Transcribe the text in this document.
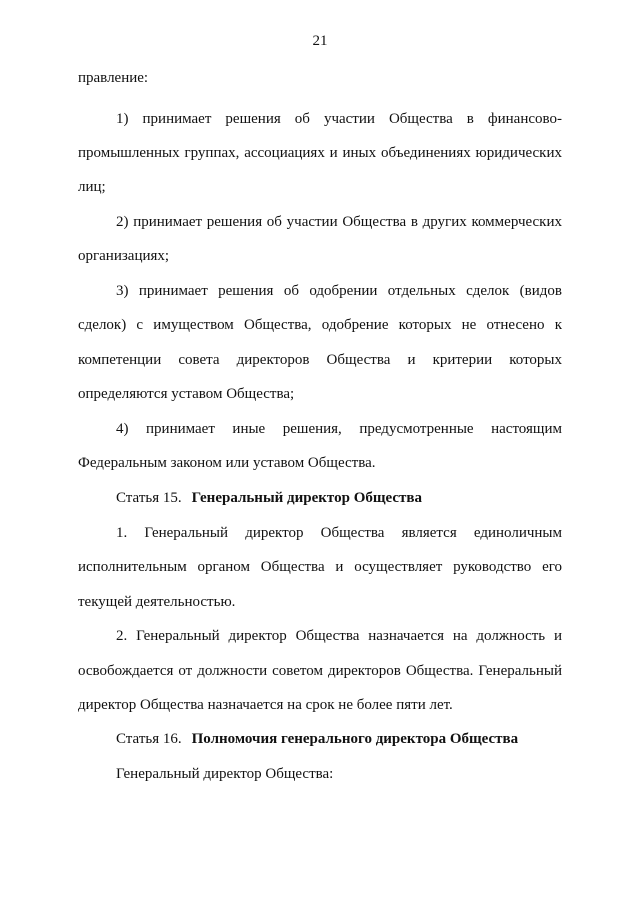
21
правление:
1) принимает решения об участии Общества в финансово-
промышленных группах, ассоциациях и иных объединениях юридических
лиц;
2) принимает решения об участии Общества в других коммерческих
организациях;
3) принимает решения об одобрении отдельных сделок (видов
сделок) с имуществом Общества, одобрение которых не отнесено к
компетенции совета директоров Общества и критерии которых
определяются уставом Общества;
4) принимает иные решения, предусмотренные настоящим
Федеральным законом или уставом Общества.
Статья 15. Генеральный директор Общества
1. Генеральный директор Общества является единоличным
исполнительным органом Общества и осуществляет руководство его
текущей деятельностью.
2. Генеральный директор Общества назначается на должность и
освобождается от должности советом директоров Общества. Генеральный
директор Общества назначается на срок не более пяти лет.
Статья 16. Полномочия генерального директора Общества
Генеральный директор Общества:
